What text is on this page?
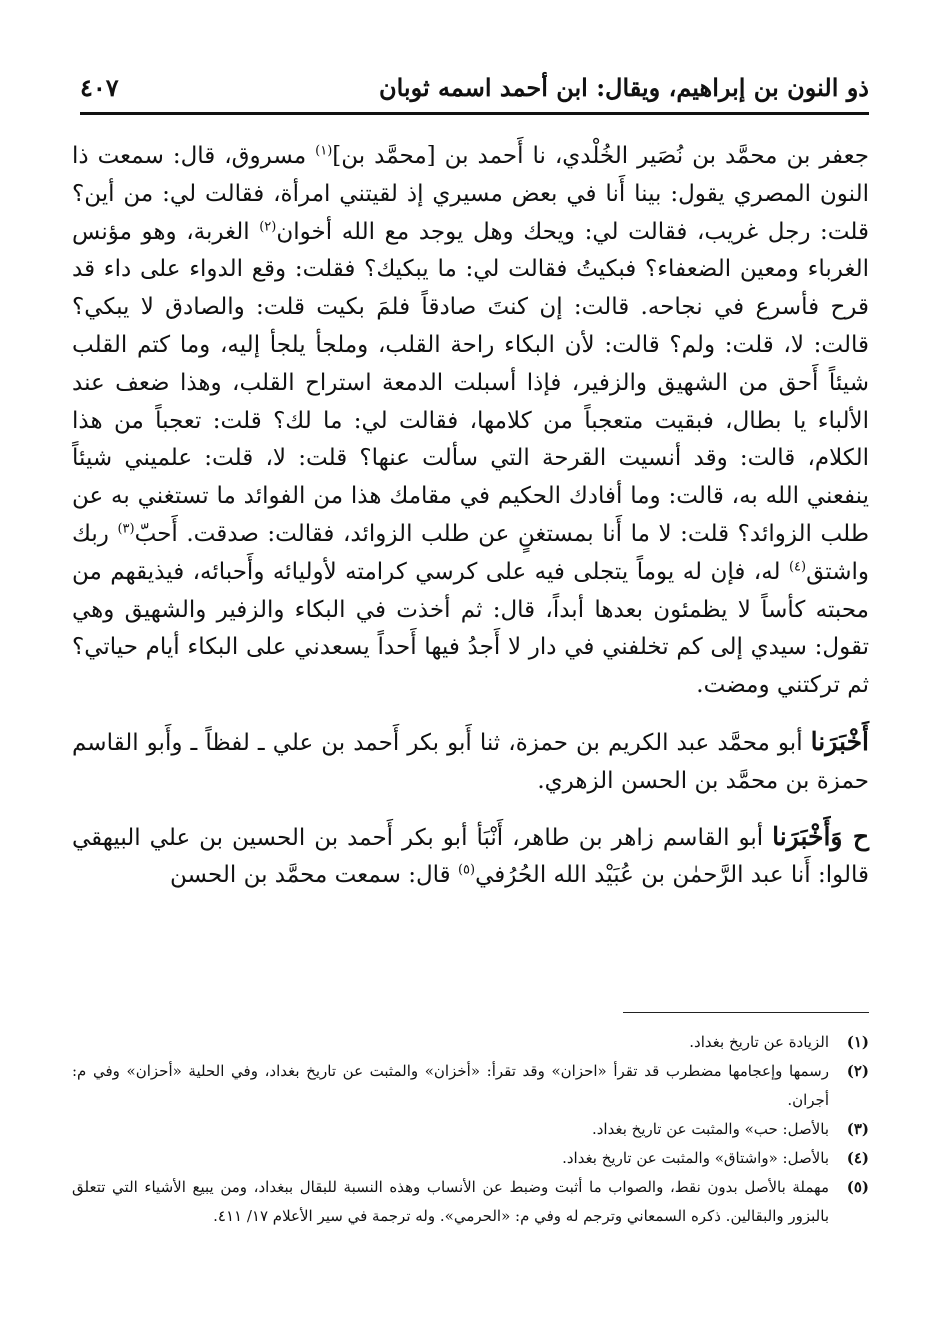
ذو النون بن إبراهيم، ويقال: ابن أحمد اسمه ثوبان
٤٠٧

جعفر بن محمَّد بن نُصَير الخُلْدي، نا أَحمد بن [محمَّد بن]$^{(١)}$ مسروق، قال: سمعت ذا النون المصري يقول: بينا أَنا في بعض مسيري إذ لقيتني امرأة، فقالت لي: من أين؟ قلت: رجل غريب، فقالت لي: ويحك وهل يوجد مع الله أخوان$^{(٢)}$ الغربة، وهو مؤنس الغرباء ومعين الضعفاء؟ فبكيتُ فقالت لي: ما يبكيك؟ فقلت: وقع الدواء على داء قد قرح فأسرع في نجاحه. قالت: إن كنتَ صادقاً فلمَ بكيت قلت: والصادق لا يبكي؟ قالت: لا، قلت: ولم؟ قالت: لأن البكاء راحة القلب، وملجأ يلجأ إليه، وما كتم القلب شيئاً أَحق من الشهيق والزفير، فإذا أسبلت الدمعة استراح القلب، وهذا ضعف عند الألباء يا بطال، فبقيت متعجباً من كلامها، فقالت لي: ما لك؟ قلت: تعجباً من هذا الكلام، قالت: وقد أنسيت القرحة التي سألت عنها؟ قلت: لا، قلت: علميني شيئاً ينفعني الله به، قالت: وما أفادك الحكيم في مقامك هذا من الفوائد ما تستغني به عن طلب الزوائد؟ قلت: لا ما أَنا بمستغنٍ عن طلب الزوائد، فقالت: صدقت. أَحبّ$^{(٣)}$ ربك واشتق$^{(٤)}$ له، فإن له يوماً يتجلى فيه على كرسي كرامته لأوليائه وأَحبائه، فيذيقهم من محبته كأساً لا يظمئون بعدها أبداً، قال: ثم أخذت في البكاء والزفير والشهيق وهي تقول: سيدي إلى كم تخلفني في دار لا أَجدُ فيها أَحداً يسعدني على البكاء أيام حياتي؟ ثم تركتني ومضت.

أَخْبَرَنا أبو محمَّد عبد الكريم بن حمزة، ثنا أَبو بكر أَحمد بن علي ـ لفظاً ـ وأَبو القاسم حمزة بن محمَّد بن الحسن الزهري.

ح وَأَخْبَرَنا أبو القاسم زاهر بن طاهر، أَنْبَأ أبو بكر أَحمد بن الحسين بن علي البيهقي قالوا: أَنا عبد الرَّحمٰن بن عُبَيْد الله الحُرُفي$^{(٥)}$ قال: سمعت محمَّد بن الحسن

(١)
الزيادة عن تاريخ بغداد.
(٢)
رسمها وإعجامها مضطرب قد تقرأ «احزان» وقد تقرأ: «أخزان» والمثبت عن تاريخ بغداد، وفي الحلية «أحزان» وفي م: أجران.
(٣)
بالأصل: حب» والمثبت عن تاريخ بغداد.
(٤)
بالأصل: «واشتاق» والمثبت عن تاريخ بغداد.
(٥)
مهملة بالأصل بدون نقط، والصواب ما أثبت وضبط عن الأنساب وهذه النسبة للبقال ببغداد، ومن يبيع الأشياء التي تتعلق بالبزور والبقالين. ذكره السمعاني وترجم له وفي م: «الحرمي». وله ترجمة في سير الأعلام ١٧/ ٤١١.
